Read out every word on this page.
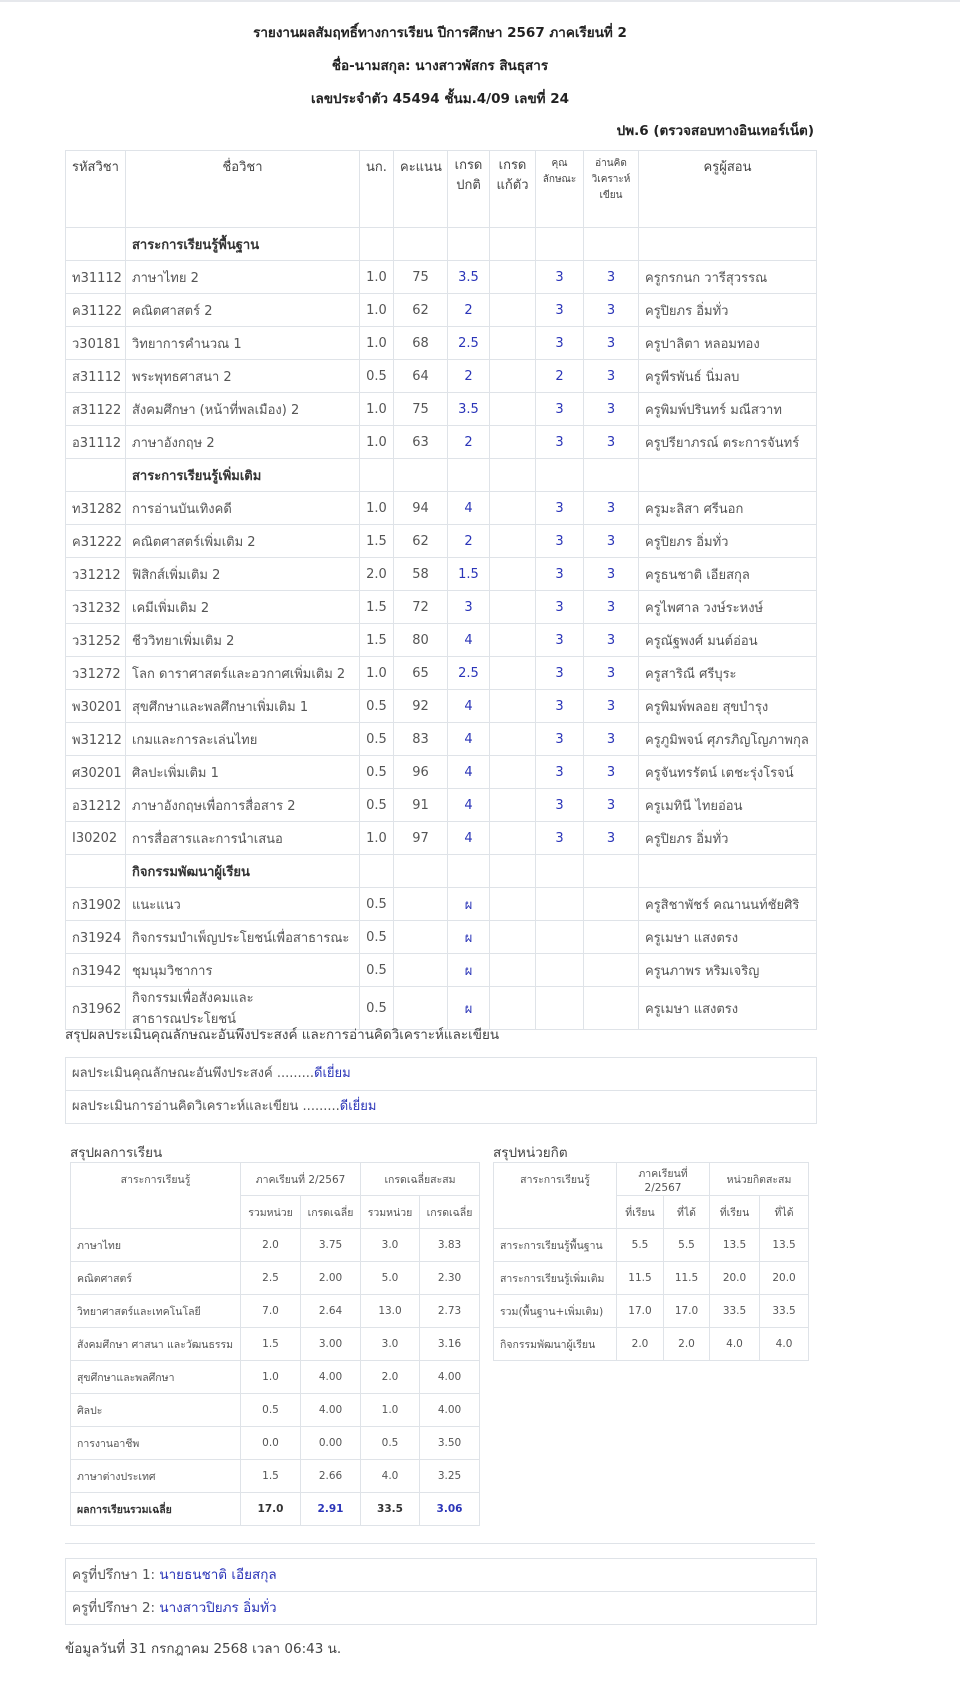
รายงานผลสัมฤทธิ์ทางการเรียน ปีการศึกษา 2567 ภาคเรียนที่ 2
ชื่อ-นามสกุล: นางสาวพัสกร สินธุสาร
เลขประจำตัว 45494 ชั้นม.4/09 เลขที่ 24
ปพ.6 (ตรวจสอบทางอินเทอร์เน็ต)
รหัสวิชา	ชื่อวิชา	นก.	คะแนน	เกรด ปกติ	เกรด แก้ตัว	คุณ ลักษณะ	อ่านคิด วิเคราะห์ เขียน	ครูผู้สอน
	สาระการเรียนรู้พื้นฐาน							
ท31112	ภาษาไทย 2	1.0	75	3.5		3	3	ครูกรกนก วารีสุวรรณ
ค31122	คณิตศาสตร์ 2	1.0	62	2		3	3	ครูปิยภร อิ่มทั่ว
ว30181	วิทยาการคำนวณ 1	1.0	68	2.5		3	3	ครูปาลิตา หลอมทอง
ส31112	พระพุทธศาสนา 2	0.5	64	2		2	3	ครูพีรพันธ์ นิ่มลบ
ส31122	สังคมศึกษา (หน้าที่พลเมือง) 2	1.0	75	3.5		3	3	ครูพิมพ์ปรินทร์ มณีสวาท
อ31112	ภาษาอังกฤษ 2	1.0	63	2		3	3	ครูปรียาภรณ์ ตระการจันทร์
	สาระการเรียนรู้เพิ่มเติม							
ท31282	การอ่านบันเทิงคดี	1.0	94	4		3	3	ครูมะลิสา ศรีนอก
ค31222	คณิตศาสตร์เพิ่มเติม 2	1.5	62	2		3	3	ครูปิยภร อิ่มทั่ว
ว31212	ฟิสิกส์เพิ่มเติม 2	2.0	58	1.5		3	3	ครูธนชาติ เอียสกุล
ว31232	เคมีเพิ่มเติม 2	1.5	72	3		3	3	ครูไพศาล วงษ์ระหงษ์
ว31252	ชีววิทยาเพิ่มเติม 2	1.5	80	4		3	3	ครูณัฐพงศ์ มนต์อ่อน
ว31272	โลก ดาราศาสตร์และอวกาศเพิ่มเติม 2	1.0	65	2.5		3	3	ครูสาริณี ศรีบุระ
พ30201	สุขศึกษาและพลศึกษาเพิ่มเติม 1	0.5	92	4		3	3	ครูพิมพ์พลอย สุขบำรุง
พ31212	เกมและการละเล่นไทย	0.5	83	4		3	3	ครูภูมิพจน์ ศุภรภิญโญภาพกุล
ศ30201	ศิลปะเพิ่มเติม 1	0.5	96	4		3	3	ครูจันทรรัตน์ เตชะรุ่งโรจน์
อ31212	ภาษาอังกฤษเพื่อการสื่อสาร 2	0.5	91	4		3	3	ครูเมทินี ไทยอ่อน
I30202	การสื่อสารและการนำเสนอ	1.0	97	4		3	3	ครูปิยภร อิ่มทั่ว
	กิจกรรมพัฒนาผู้เรียน							
ก31902	แนะแนว	0.5		ผ				ครูสิชาพัชร์ คณานนท์ชัยศิริ
ก31924	กิจกรรมบำเพ็ญประโยชน์เพื่อสาธารณะ	0.5		ผ				ครูเมษา แสงตรง
ก31942	ชุมนุมวิชาการ	0.5		ผ				ครูนภาพร หริมเจริญ
ก31962	กิจกรรมเพื่อสังคมและสาธารณประโยชน์	0.5		ผ				ครูเมษา แสงตรง
สรุปผลประเมินคุณลักษณะอันพึงประสงค์ และการอ่านคิดวิเคราะห์และเขียน
ผลประเมินคุณลักษณะอันพึงประสงค์ .........ดีเยี่ยม
ผลประเมินการอ่านคิดวิเคราะห์และเขียน .........ดีเยี่ยม
สรุปผลการเรียน
สาระการเรียนรู้	ภาคเรียนที่ 2/2567		เกรดเฉลี่ยสะสม	
	รวมหน่วย	เกรดเฉลี่ย	รวมหน่วย	เกรดเฉลี่ย
ภาษาไทย	2.0	3.75	3.0	3.83
คณิตศาสตร์	2.5	2.00	5.0	2.30
วิทยาศาสตร์และเทคโนโลยี	7.0	2.64	13.0	2.73
สังคมศึกษา ศาสนา และวัฒนธรรม	1.5	3.00	3.0	3.16
สุขศึกษาและพลศึกษา	1.0	4.00	2.0	4.00
ศิลปะ	0.5	4.00	1.0	4.00
การงานอาชีพ	0.0	0.00	0.5	3.50
ภาษาต่างประเทศ	1.5	2.66	4.0	3.25
ผลการเรียนรวมเฉลี่ย	17.0	2.91	33.5	3.06
สรุปหน่วยกิต
สาระการเรียนรู้	ภาคเรียนที่ 2/2567		หน่วยกิตสะสม	
	ที่เรียน	ที่ได้	ที่เรียน	ที่ได้
สาระการเรียนรู้พื้นฐาน	5.5	5.5	13.5	13.5
สาระการเรียนรู้เพิ่มเติม	11.5	11.5	20.0	20.0
รวม(พื้นฐาน+เพิ่มเติม)	17.0	17.0	33.5	33.5
กิจกรรมพัฒนาผู้เรียน	2.0	2.0	4.0	4.0
ครูที่ปรึกษา 1: นายธนชาติ เอียสกุล
ครูที่ปรึกษา 2: นางสาวปิยภร อิ่มทั่ว
ข้อมูลวันที่ 31 กรกฎาคม 2568 เวลา 06:43 น.
